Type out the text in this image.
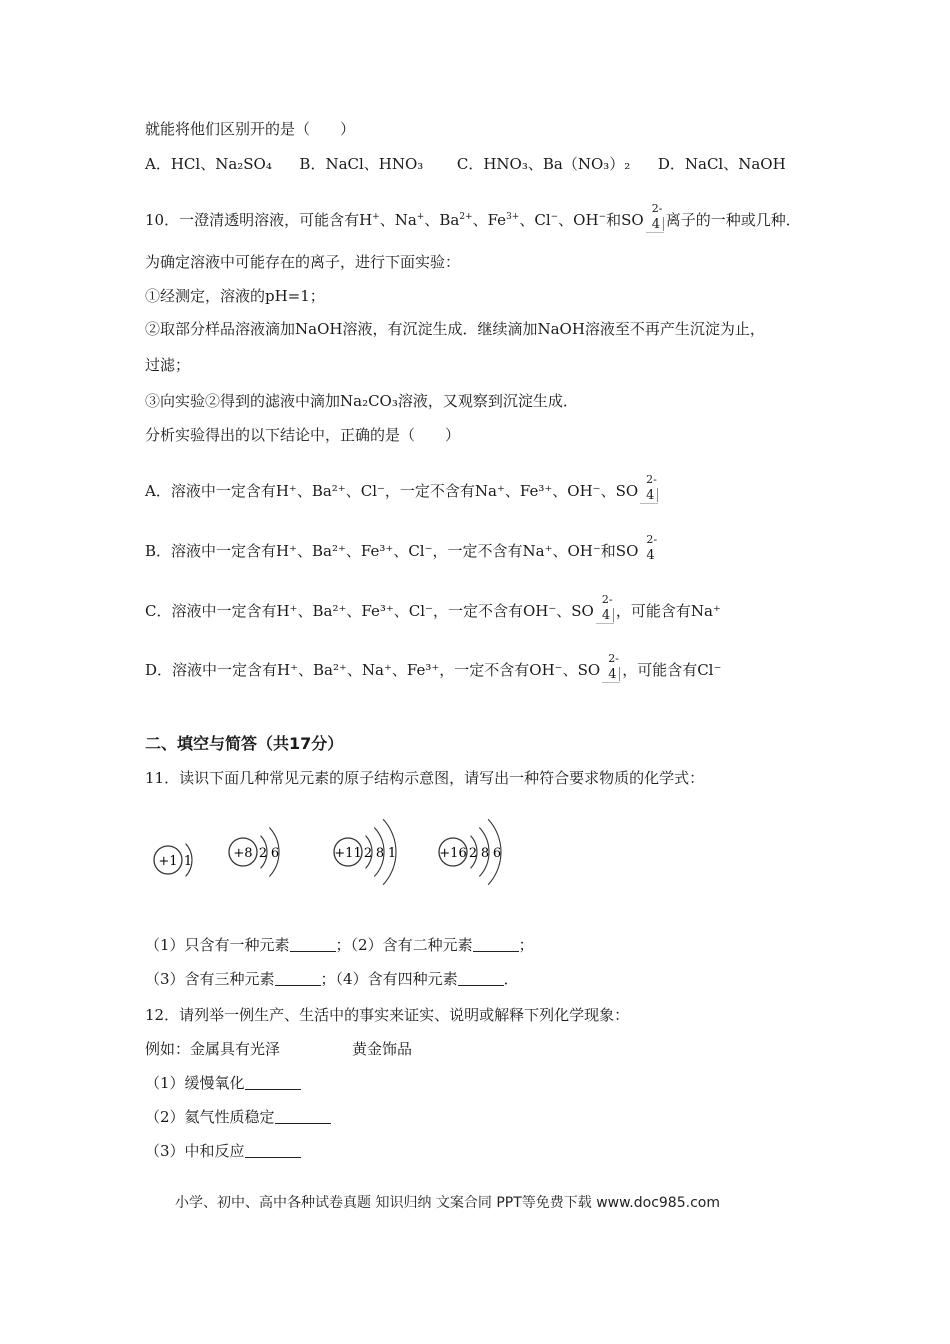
就能将他们区别开的是（　　）
A．HCl、Na₂SO₄ B．NaCl、HNO₃ C．HNO₃、Ba（NO₃）₂ D．NaCl、NaOH
10．一澄清透明溶液，可能含有H+、Na+、$Ba^{2+}$、$Fe^{3+}$、Cl−、OH−和SO
2-
4 离子的一种或几种．
为确定溶液中可能存在的离子，进行下面实验：
①经测定，溶液的pH=1；
②取部分样品溶液滴加NaOH溶液，有沉淀生成．继续滴加NaOH溶液至不再产生沉淀为止，
过滤；
③向实验②得到的滤液中滴加Na₂CO₃溶液，又观察到沉淀生成．
分析实验得出的以下结论中，正确的是（　　）
A．溶液中一定含有H⁺、Ba²⁺、Cl⁻，一定不含有Na⁺、Fe³⁺、OH⁻、SO
2-
4
B．溶液中一定含有H⁺、Ba²⁺、Fe³⁺、Cl⁻，一定不含有Na⁺、OH⁻和SO
2-
4
C．溶液中一定含有H⁺、Ba²⁺、Fe³⁺、Cl⁻，一定不含有OH⁻、SO
2-
4 ，可能含有Na⁺
D．溶液中一定含有H⁺、Ba²⁺、Na⁺、Fe³⁺，一定不含有OH⁻、SO
2-
4 ，可能含有Cl⁻
二、填空与简答（共17分）
11．读识下面几种常见元素的原子结构示意图，请写出一种符合要求物质的化学式：
+1 1
+8 2 6	+11 2 8 1	+16 2 8 6
（1）只含有一种元素	；（2）含有二种元素	；
（3）含有三种元素	；（4）含有四种元素	．
12．请列举一例生产、生活中的事实来证实、说明或解释下列化学现象：
例如：金属具有光泽	黄金饰品
（1）缓慢氧化
（2）氦气性质稳定
（3）中和反应
小学、初中、高中各种试卷真题 知识归纳 文案合同 PPT等免费下载 www.doc985.com
